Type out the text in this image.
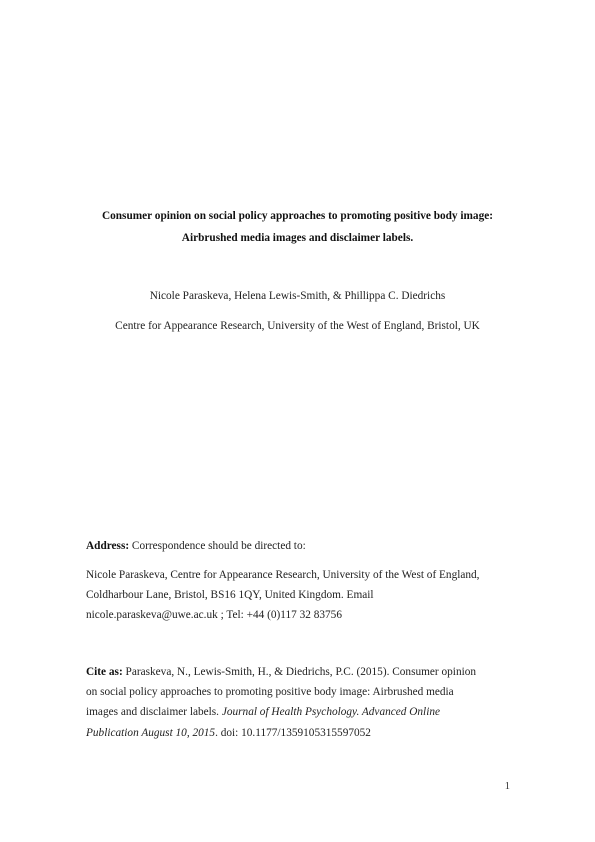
Consumer opinion on social policy approaches to promoting positive body image:
Airbrushed media images and disclaimer labels.
Nicole Paraskeva, Helena Lewis-Smith, & Phillippa C. Diedrichs
Centre for Appearance Research, University of the West of England, Bristol, UK
Address: Correspondence should be directed to:
Nicole Paraskeva, Centre for Appearance Research, University of the West of England,
Coldharbour Lane, Bristol, BS16 1QY, United Kingdom. Email
nicole.paraskeva@uwe.ac.uk ; Tel: +44 (0)117 32 83756
Cite as: Paraskeva, N., Lewis-Smith, H., & Diedrichs, P.C. (2015). Consumer opinion
on social policy approaches to promoting positive body image: Airbrushed media
images and disclaimer labels. Journal of Health Psychology. Advanced Online
Publication August 10, 2015. doi: 10.1177/1359105315597052
1
